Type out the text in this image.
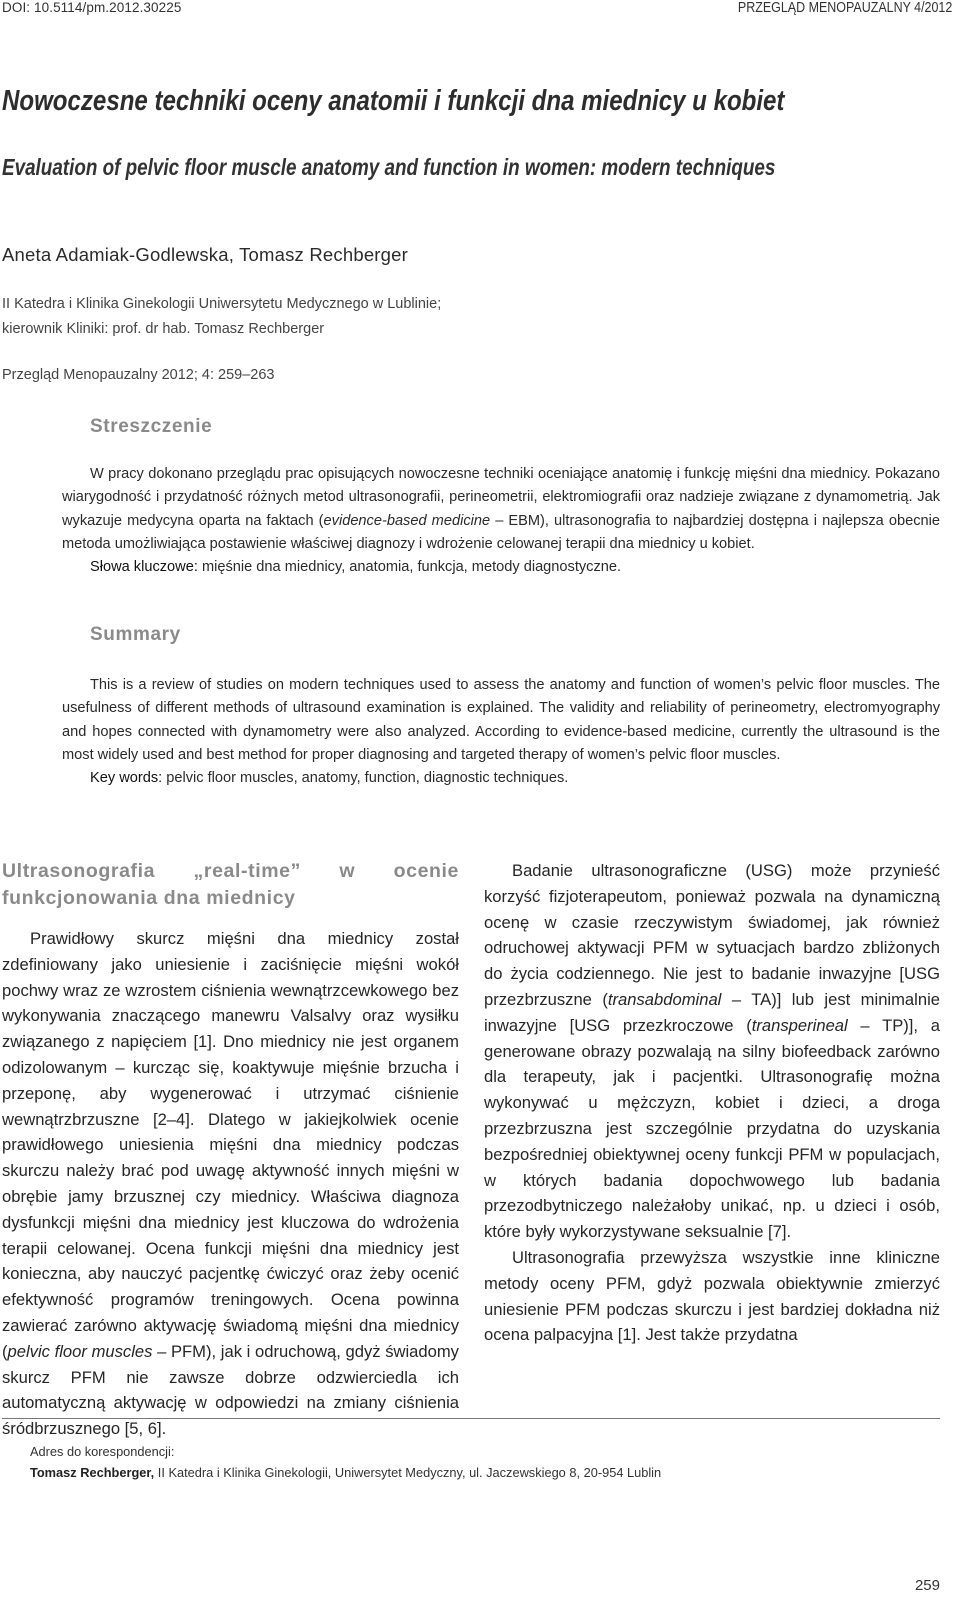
DOI: 10.5114/pm.2012.30225	PRZEGLĄD MENOPAUZALNY 4/2012
Nowoczesne techniki oceny anatomii i funkcji dna miednicy u kobiet
Evaluation of pelvic floor muscle anatomy and function in women: modern techniques
Aneta Adamiak-Godlewska, Tomasz Rechberger
II Katedra i Klinika Ginekologii Uniwersytetu Medycznego w Lublinie;
kierownik Kliniki: prof. dr hab. Tomasz Rechberger
Przegląd Menopauzalny 2012; 4: 259–263
Streszczenie

W pracy dokonano przeglądu prac opisujących nowoczesne techniki oceniające anatomię i funkcję mięśni dna miednicy. Pokazano wiarygodność i przydatność różnych metod ultrasonografii, perineometrii, elektromiografii oraz nadzieje związane z dynamometrią. Jak wykazuje medycyna oparta na faktach (evidence-based medicine – EBM), ultrasonografia to najbardziej dostępna i najlepsza obecnie metoda umożliwiająca postawienie właściwej diagnozy i wdrożenie celowanej terapii dna miednicy u kobiet.

Słowa kluczowe: mięśnie dna miednicy, anatomia, funkcja, metody diagnostyczne.

Summary

This is a review of studies on modern techniques used to assess the anatomy and function of women’s pelvic floor muscles. The usefulness of different methods of ultrasound examination is explained. The validity and reliability of perineometry, electromyography and hopes connected with dynamometry were also analyzed. According to evidence-based medicine, currently the ultrasound is the most widely used and best method for proper diagnosing and targeted therapy of women’s pelvic floor muscles.

Key words: pelvic floor muscles, anatomy, function, diagnostic techniques.

Ultrasonografia „real-time” w ocenie funkcjonowania dna miednicy

Prawidłowy skurcz mięśni dna miednicy został zdefiniowany jako uniesienie i zaciśnięcie mięśni wokół pochwy wraz ze wzrostem ciśnienia wewnątrzcewkowego bez wykonywania znaczącego manewru Valsalvy oraz wysiłku związanego z napięciem [1]. Dno miednicy nie jest organem odizolowanym – kurcząc się, koaktywuje mięśnie brzucha i przeponę, aby wygenerować i utrzymać ciśnienie wewnątrzbrzuszne [2–4]. Dlatego w jakiejkolwiek ocenie prawidłowego uniesienia mięśni dna miednicy podczas skurczu należy brać pod uwagę aktywność innych mięśni w obrębie jamy brzusznej czy miednicy. Właściwa diagnoza dysfunkcji mięśni dna miednicy jest kluczowa do wdrożenia terapii celowanej. Ocena funkcji mięśni dna miednicy jest konieczna, aby nauczyć pacjentkę ćwiczyć oraz żeby ocenić efektywność programów treningowych. Ocena powinna zawierać zarówno aktywację świadomą mięśni dna miednicy (pelvic floor muscles – PFM), jak i odruchową, gdyż świadomy skurcz PFM nie zawsze dobrze odzwierciedla ich automatyczną aktywację w odpowiedzi na zmiany ciśnienia śródbrzusznego [5, 6].

Badanie ultrasonograficzne (USG) może przynieść korzyść fizjoterapeutom, ponieważ pozwala na dynamiczną ocenę w czasie rzeczywistym świadomej, jak również odruchowej aktywacji PFM w sytuacjach bardzo zbliżonych do życia codziennego. Nie jest to badanie inwazyjne [USG przezbrzuszne (transabdominal – TA)] lub jest minimalnie inwazyjne [USG przezkroczowe (transperineal – TP)], a generowane obrazy pozwalają na silny biofeedback zarówno dla terapeuty, jak i pacjentki. Ultrasonografię można wykonywać u mężczyzn, kobiet i dzieci, a droga przezbrzuszna jest szczególnie przydatna do uzyskania bezpośredniej obiektywnej oceny funkcji PFM w populacjach, w których badania dopochwowego lub badania przezodbytniczego należałoby unikać, np. u dzieci i osób, które były wykorzystywane seksualnie [7].

Ultrasonografia przewyższa wszystkie inne kliniczne metody oceny PFM, gdyż pozwala obiektywnie zmierzyć uniesienie PFM podczas skurczu i jest bardziej dokładna niż ocena palpacyjna [1]. Jest także przydatna

Adres do korespondencji:
Tomasz Rechberger, II Katedra i Klinika Ginekologii, Uniwersytet Medyczny, ul. Jaczewskiego 8, 20-954 Lublin
259
